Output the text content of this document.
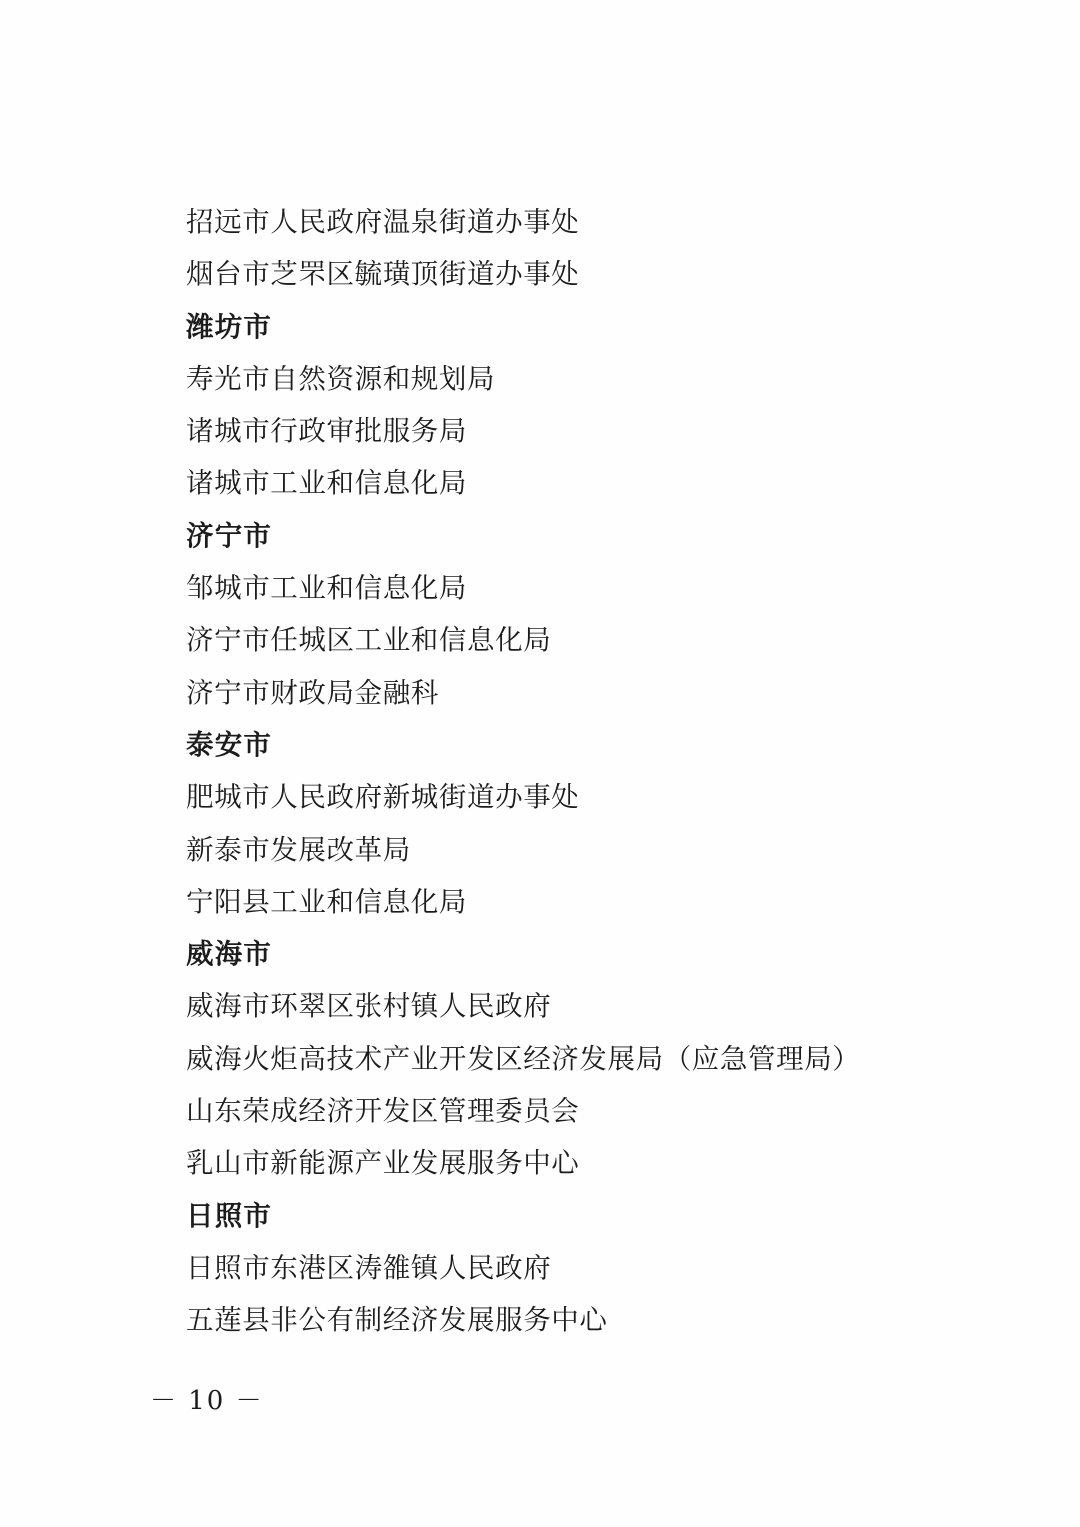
招远市人民政府温泉街道办事处
烟台市芝罘区毓璜顶街道办事处
潍坊市
寿光市自然资源和规划局
诸城市行政审批服务局
诸城市工业和信息化局
济宁市
邹城市工业和信息化局
济宁市任城区工业和信息化局
济宁市财政局金融科
泰安市
肥城市人民政府新城街道办事处
新泰市发展改革局
宁阳县工业和信息化局
威海市
威海市环翠区张村镇人民政府
威海火炬高技术产业开发区经济发展局（应急管理局）
山东荣成经济开发区管理委员会
乳山市新能源产业发展服务中心
日照市
日照市东港区涛雒镇人民政府
五莲县非公有制经济发展服务中心
－ 10 －
